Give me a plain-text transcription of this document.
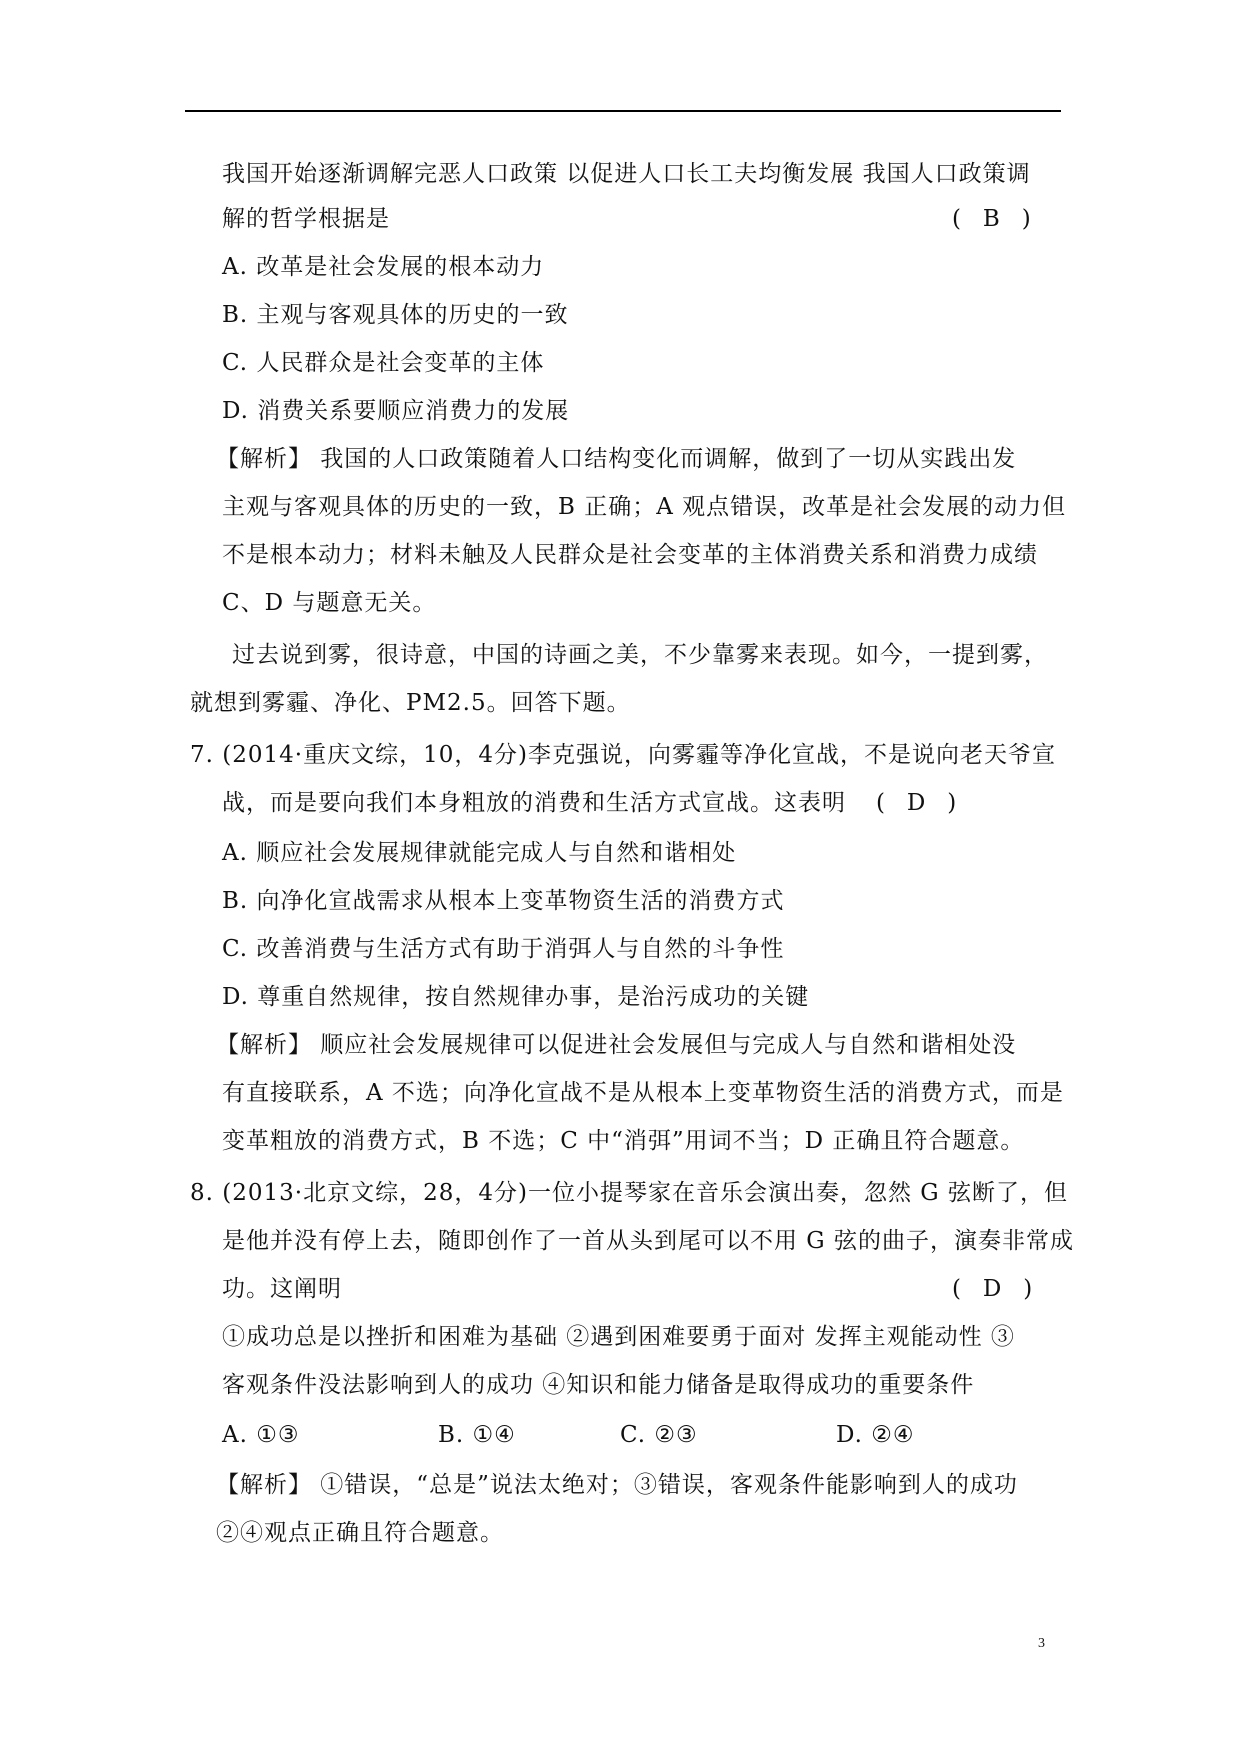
我国开始逐渐调解完恶人口政策 以促进人口长工夫均衡发展 我国人口政策调
解的哲学根据是	(   B   )
A. 改革是社会发展的根本动力
B. 主观与客观具体的历史的一致
C. 人民群众是社会变革的主体
D. 消费关系要顺应消费力的发展
【解析】 我国的人口政策随着人口结构变化而调解，做到了一切从实践出发
主观与客观具体的历史的一致，B 正确；A 观点错误，改革是社会发展的动力但
不是根本动力；材料未触及人民群众是社会变革的主体消费关系和消费力成绩
C、D 与题意无关。
过去说到雾，很诗意，中国的诗画之美，不少靠雾来表现。如今，一提到雾，
就想到雾霾、净化、PM2.5。回答下题。
7. (2014·重庆文综，10，4分)李克强说，向雾霾等净化宣战，不是说向老天爷宣
战，而是要向我们本身粗放的消费和生活方式宣战。这表明 (   D   )
A. 顺应社会发展规律就能完成人与自然和谐相处
B. 向净化宣战需求从根本上变革物资生活的消费方式
C. 改善消费与生活方式有助于消弭人与自然的斗争性
D. 尊重自然规律，按自然规律办事，是治污成功的关键
【解析】 顺应社会发展规律可以促进社会发展但与完成人与自然和谐相处没
有直接联系，A 不选；向净化宣战不是从根本上变革物资生活的消费方式，而是
变革粗放的消费方式，B 不选；C 中“消弭”用词不当；D 正确且符合题意。
8. (2013·北京文综，28，4分)一位小提琴家在音乐会演出奏，忽然 G 弦断了，但
是他并没有停上去，随即创作了一首从头到尾可以不用 G 弦的曲子，演奏非常成
功。这阐明	(   D   )
①成功总是以挫折和困难为基础 ②遇到困难要勇于面对 发挥主观能动性 ③
客观条件没法影响到人的成功 ④知识和能力储备是取得成功的重要条件
A. ①③	B. ①④	C. ②③	D. ②④
【解析】 ①错误，“总是”说法太绝对；③错误，客观条件能影响到人的成功
②④观点正确且符合题意。
3
